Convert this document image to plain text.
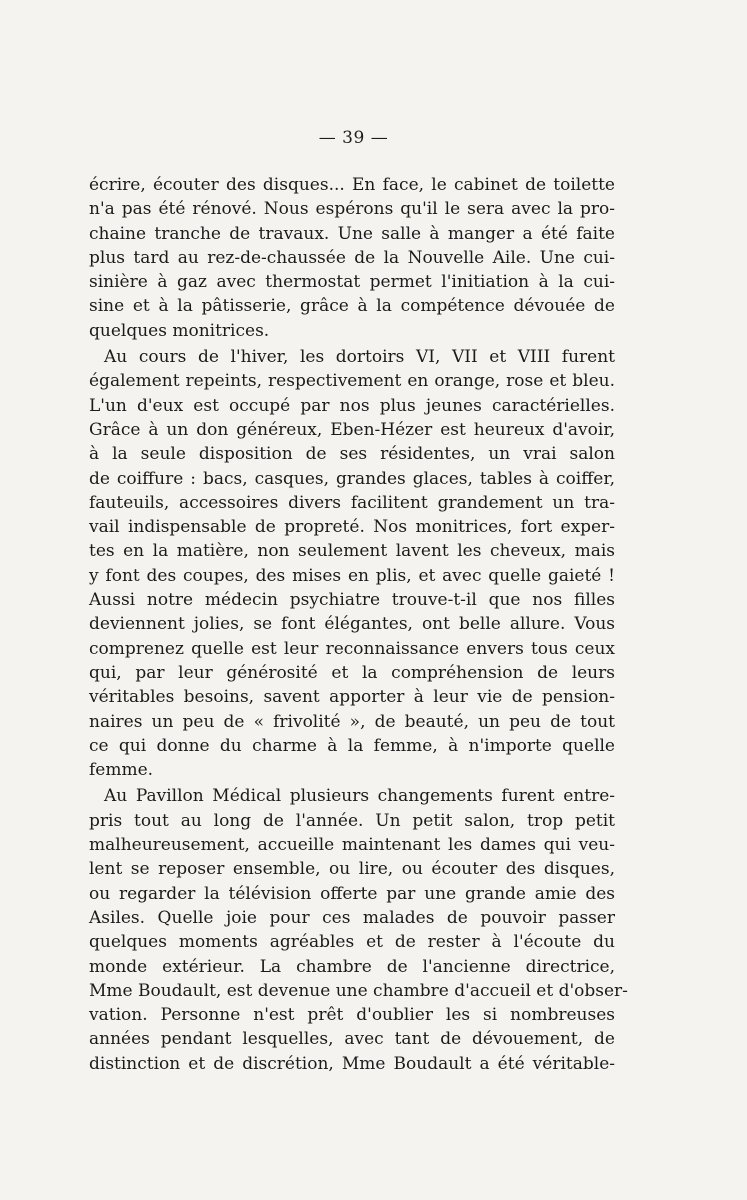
— 39 —
écrire, écouter des disques... En face, le cabinet de toilette
n'a pas été rénové. Nous espérons qu'il le sera avec la pro-
chaine tranche de travaux. Une salle à manger a été faite
plus tard au rez-de-chaussée de la Nouvelle Aile. Une cui-
sinière à gaz avec thermostat permet l'initiation à la cui-
sine et à la pâtisserie, grâce à la compétence dévouée de
quelques monitrices.
Au cours de l'hiver, les dortoirs VI, VII et VIII furent
également repeints, respectivement en orange, rose et bleu.
L'un d'eux est occupé par nos plus jeunes caractérielles.
Grâce à un don généreux, Eben-Hézer est heureux d'avoir,
à la seule disposition de ses résidentes, un vrai salon
de coiffure : bacs, casques, grandes glaces, tables à coiffer,
fauteuils, accessoires divers facilitent grandement un tra-
vail indispensable de propreté. Nos monitrices, fort exper-
tes en la matière, non seulement lavent les cheveux, mais
y font des coupes, des mises en plis, et avec quelle gaieté !
Aussi notre médecin psychiatre trouve-t-il que nos filles
deviennent jolies, se font élégantes, ont belle allure. Vous
comprenez quelle est leur reconnaissance envers tous ceux
qui, par leur générosité et la compréhension de leurs
véritables besoins, savent apporter à leur vie de pension-
naires un peu de « frivolité », de beauté, un peu de tout
ce qui donne du charme à la femme, à n'importe quelle
femme.
Au Pavillon Médical plusieurs changements furent entre-
pris tout au long de l'année. Un petit salon, trop petit
malheureusement, accueille maintenant les dames qui veu-
lent se reposer ensemble, ou lire, ou écouter des disques,
ou regarder la télévision offerte par une grande amie des
Asiles. Quelle joie pour ces malades de pouvoir passer
quelques moments agréables et de rester à l'écoute du
monde extérieur. La chambre de l'ancienne directrice,
Mme Boudault, est devenue une chambre d'accueil et d'obser-
vation. Personne n'est prêt d'oublier les si nombreuses
années pendant lesquelles, avec tant de dévouement, de
distinction et de discrétion, Mme Boudault a été véritable-
